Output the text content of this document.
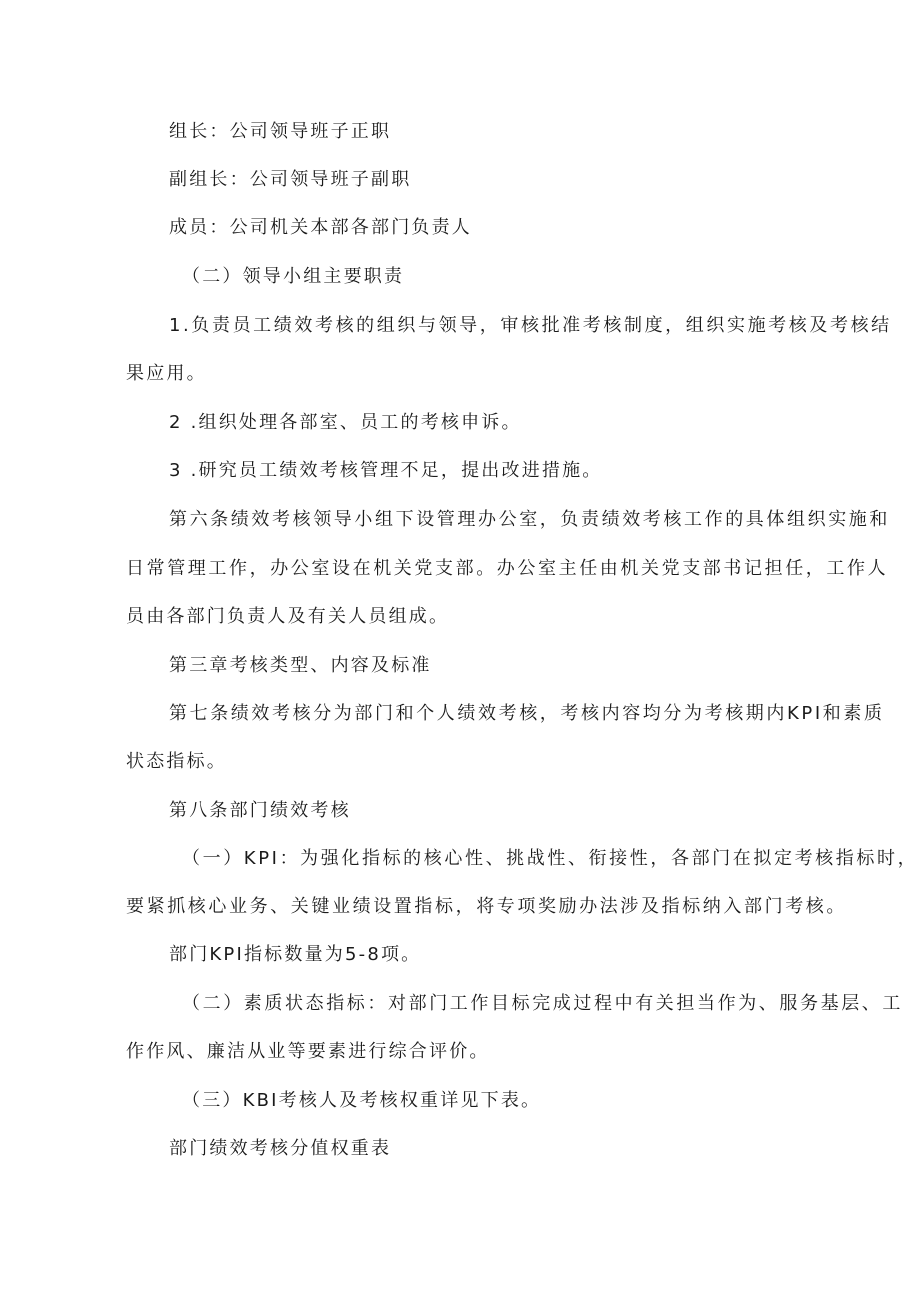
组长：公司领导班子正职
副组长：公司领导班子副职
成员：公司机关本部各部门负责人
（二）领导小组主要职责
1.负责员工绩效考核的组织与领导，审核批准考核制度，组织实施考核及考核结
果应用。
2 .组织处理各部室、员工的考核申诉。
3 .研究员工绩效考核管理不足，提出改进措施。
第六条绩效考核领导小组下设管理办公室，负责绩效考核工作的具体组织实施和
日常管理工作，办公室设在机关党支部。办公室主任由机关党支部书记担任，工作人
员由各部门负责人及有关人员组成。
第三章考核类型、内容及标准
第七条绩效考核分为部门和个人绩效考核，考核内容均分为考核期内KPI和素质
状态指标。
第八条部门绩效考核
（一）KPI：为强化指标的核心性、挑战性、衔接性，各部门在拟定考核指标时，
要紧抓核心业务、关键业绩设置指标，将专项奖励办法涉及指标纳入部门考核。
部门KPI指标数量为5-8项。
（二）素质状态指标：对部门工作目标完成过程中有关担当作为、服务基层、工
作作风、廉洁从业等要素进行综合评价。
（三）KBI考核人及考核权重详见下表。
部门绩效考核分值权重表
